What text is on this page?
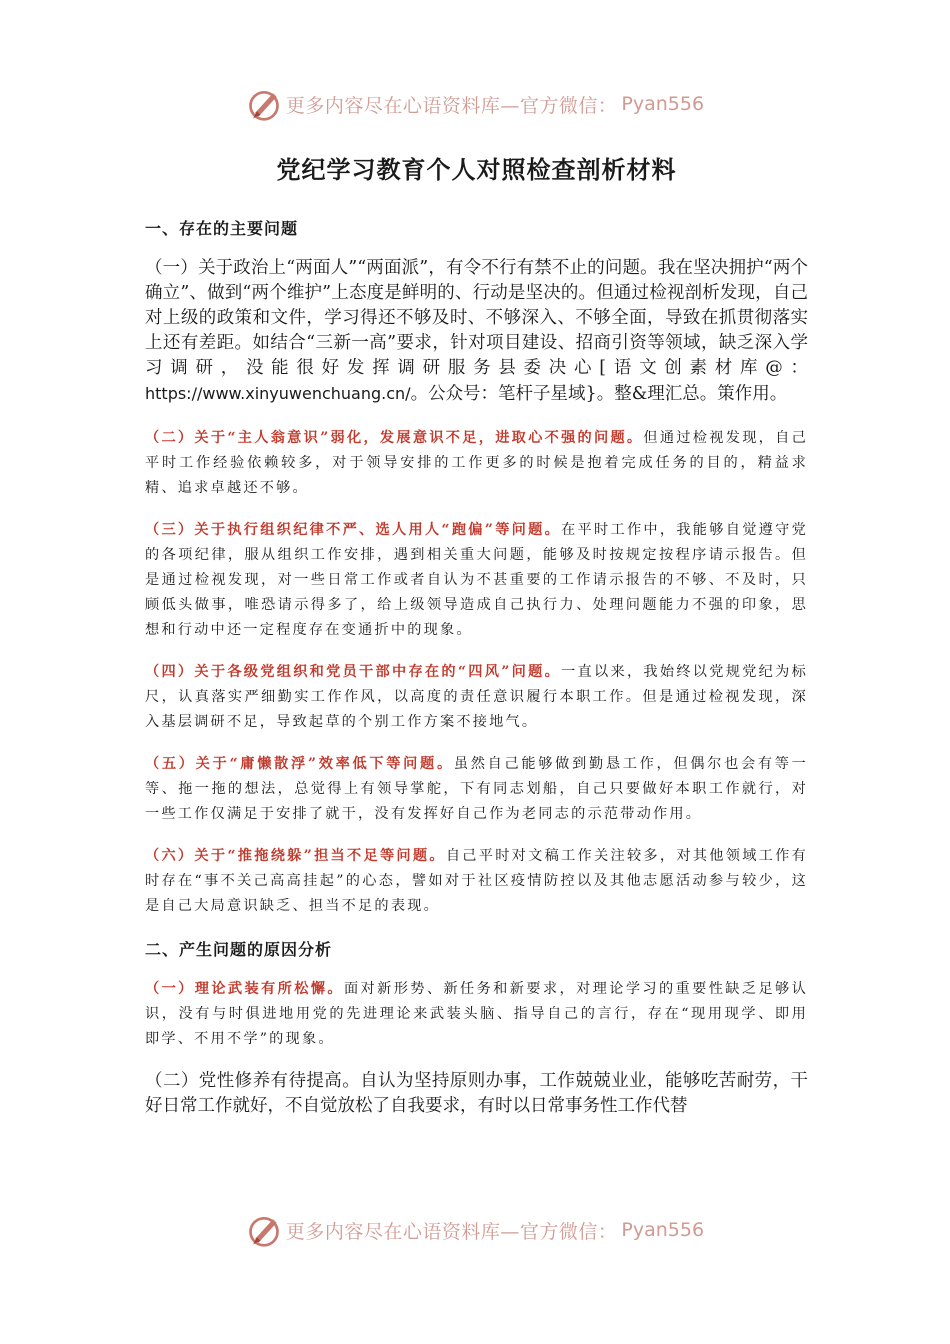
更多内容尽在心语资料库—官方微信： Pyan556
党纪学习教育个人对照检查剖析材料

一、存在的主要问题

（一）关于政治上“两面人”“两面派”，有令不行有禁不止的问题。我在坚决拥护“两个确立”、做到“两个维护”上态度是鲜明的、行动是坚决的。但通过检视剖析发现，自己对上级的政策和文件，学习得还不够及时、不够深入、不够全面，导致在抓贯彻落实上还有差距。如结合“三新一高”要求，针对项目建设、招商引资等领域，缺乏深入学习调研，没能很好发挥调研服务县委决心[语文创素材库@：https://www.xinyuwenchuang.cn/。公众号：笔杆子星域}。整&理汇总。策作用。

（二）关于“主人翁意识”弱化，发展意识不足，进取心不强的问题。但通过检视发现，自己平时工作经验依赖较多，对于领导安排的工作更多的时候是抱着完成任务的目的，精益求精、追求卓越还不够。

（三）关于执行组织纪律不严、选人用人“跑偏”等问题。在平时工作中，我能够自觉遵守党的各项纪律，服从组织工作安排，遇到相关重大问题，能够及时按规定按程序请示报告。但是通过检视发现，对一些日常工作或者自认为不甚重要的工作请示报告的不够、不及时，只顾低头做事，唯恐请示得多了，给上级领导造成自己执行力、处理问题能力不强的印象，思想和行动中还一定程度存在变通折中的现象。

（四）关于各级党组织和党员干部中存在的“四风”问题。一直以来，我始终以党规党纪为标尺，认真落实严细勤实工作作风，以高度的责任意识履行本职工作。但是通过检视发现，深入基层调研不足，导致起草的个别工作方案不接地气。

（五）关于“庸懒散浮”效率低下等问题。虽然自己能够做到勤恳工作，但偶尔也会有等一等、拖一拖的想法，总觉得上有领导掌舵，下有同志划船，自己只要做好本职工作就行，对一些工作仅满足于安排了就干，没有发挥好自己作为老同志的示范带动作用。

（六）关于“推拖绕躲”担当不足等问题。自己平时对文稿工作关注较多，对其他领域工作有时存在“事不关己高高挂起”的心态，譬如对于社区疫情防控以及其他志愿活动参与较少，这是自己大局意识缺乏、担当不足的表现。

二、产生问题的原因分析

（一）理论武装有所松懈。面对新形势、新任务和新要求，对理论学习的重要性缺乏足够认识，没有与时俱进地用党的先进理论来武装头脑、指导自己的言行，存在“现用现学、即用即学、不用不学”的现象。

（二）党性修养有待提高。自认为坚持原则办事，工作兢兢业业，能够吃苦耐劳，干好日常工作就好，不自觉放松了自我要求，有时以日常事务性工作代替

更多内容尽在心语资料库—官方微信： Pyan556
